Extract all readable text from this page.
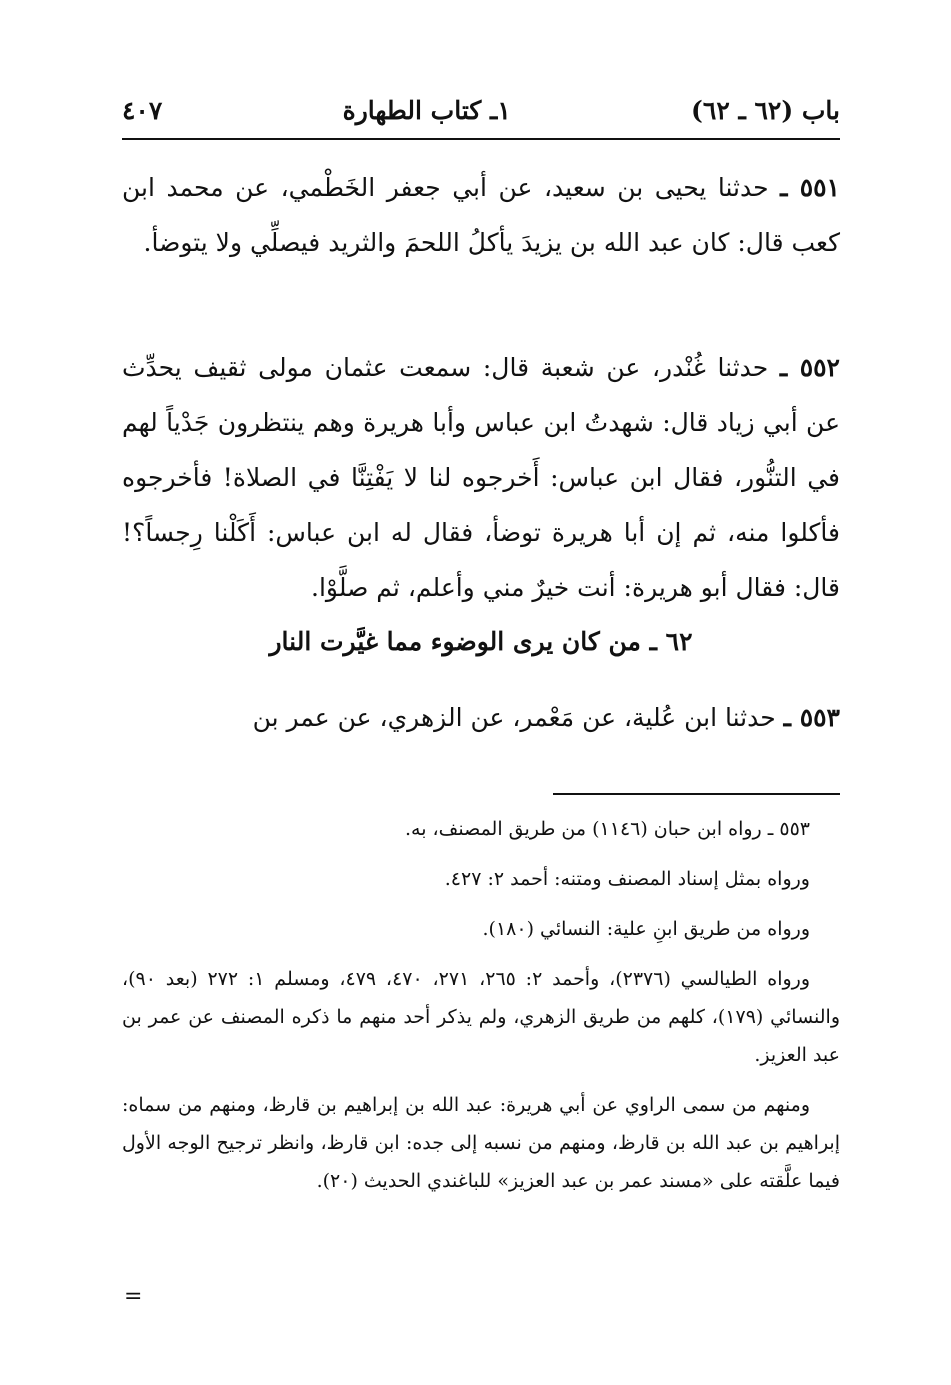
باب (٦٢ ـ ٦٢)
١ـ كتاب الطهارة
٤٠٧
٥٥١ ـ حدثنا يحيى بن سعيد، عن أبي جعفر الخَطْمي، عن محمد ابن كعب قال: كان عبد الله بن يزيدَ يأكلُ اللحمَ والثريد فيصلِّي ولا يتوضأ.
٥٥٢ ـ حدثنا غُنْدر، عن شعبة قال: سمعت عثمان مولى ثقيف يحدِّث عن أبي زياد قال: شهدتُ ابن عباس وأبا هريرة وهم ينتظرون جَدْياً لهم في التنُّور، فقال ابن عباس: أَخرجوه لنا لا يَفْتِنَّا في الصلاة! فأخرجوه فأكلوا منه، ثم إن أبا هريرة توضأ، فقال له ابن عباس: أَكَلْنا رِجساً؟! قال: فقال أبو هريرة: أنت خيرٌ مني وأعلم، ثم صلَّوْا.
٦٢ ـ من كان يرى الوضوء مما غيَّرت النار
٥٥٣ ـ حدثنا ابن عُلية، عن مَعْمر، عن الزهري، عن عمر بن

٥٥٣ ـ رواه ابن حبان (١١٤٦) من طريق المصنف، به.

ورواه بمثل إسناد المصنف ومتنه: أحمد ٢: ٤٢٧.

ورواه من طريق ابنِ علية: النسائي (١٨٠).

ورواه الطيالسي (٢٣٧٦)، وأحمد ٢: ٢٦٥، ٢٧١، ٤٧٠، ٤٧٩، ومسلم ١: ٢٧٢ (بعد ٩٠)، والنسائي (١٧٩)، كلهم من طريق الزهري، ولم يذكر أحد منهم ما ذكره المصنف عن عمر بن عبد العزيز.

ومنهم من سمى الراوي عن أبي هريرة: عبد الله بن إبراهيم بن قارظ، ومنهم من سماه: إبراهيم بن عبد الله بن قارظ، ومنهم من نسبه إلى جده: ابن قارظ، وانظر ترجيح الوجه الأول فيما علَّقته على «مسند عمر بن عبد العزيز» للباغندي الحديث (٢٠).

=
